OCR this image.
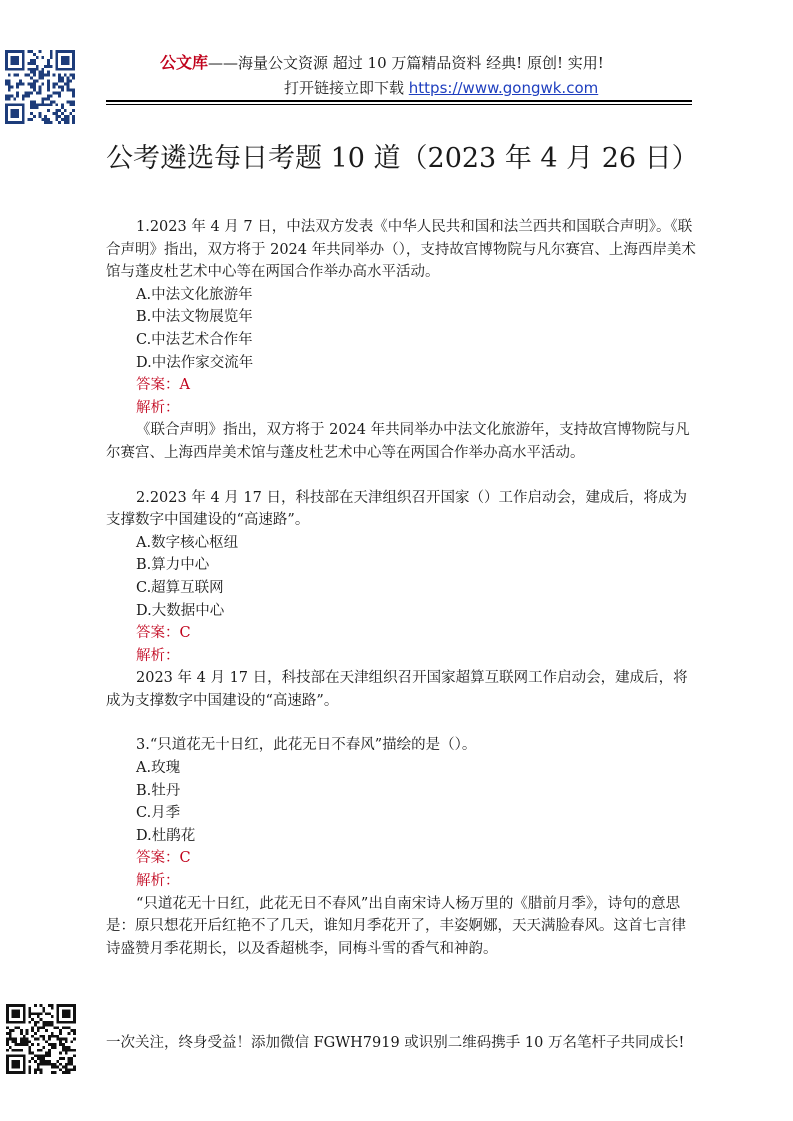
公文库——海量公文资源 超过 10 万篇精品资料 经典! 原创! 实用!
打开链接立即下载 https://www.gongwk.com
公考遴选每日考题 10 道（2023 年 4 月 26 日）

1.2023 年 4 月 7 日，中法双方发表《中华人民共和国和法兰西共和国联合声明》。《联合声明》指出，双方将于 2024 年共同举办（），支持故宫博物院与凡尔赛宫、上海西岸美术馆与蓬皮杜艺术中心等在两国合作举办高水平活动。

A.中法文化旅游年

B.中法文物展览年

C.中法艺术合作年

D.中法作家交流年

答案：A

解析：

《联合声明》指出，双方将于 2024 年共同举办中法文化旅游年，支持故宫博物院与凡尔赛宫、上海西岸美术馆与蓬皮杜艺术中心等在两国合作举办高水平活动。

2.2023 年 4 月 17 日，科技部在天津组织召开国家（）工作启动会，建成后，将成为支撑数字中国建设的“高速路”。

A.数字核心枢纽

B.算力中心

C.超算互联网

D.大数据中心

答案：C

解析：

2023 年 4 月 17 日，科技部在天津组织召开国家超算互联网工作启动会，建成后，将成为支撑数字中国建设的“高速路”。

3.“只道花无十日红，此花无日不春风”描绘的是（）。

A.玫瑰

B.牡丹

C.月季

D.杜鹃花

答案：C

解析：

“只道花无十日红，此花无日不春风”出自南宋诗人杨万里的《腊前月季》，诗句的意思是：原只想花开后红艳不了几天，谁知月季花开了，丰姿婀娜，天天满脸春风。这首七言律诗盛赞月季花期长，以及香超桃李，同梅斗雪的香气和神韵。

一次关注，终身受益！添加微信 FGWH7919 或识别二维码携手 10 万名笔杆子共同成长!
